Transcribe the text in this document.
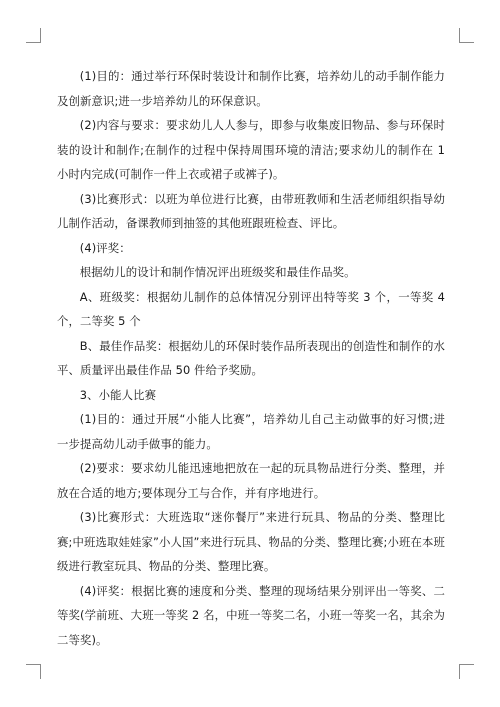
(1)目的：通过举行环保时装设计和制作比赛，培养幼儿的动手制作能力及创新意识;进一步培养幼儿的环保意识。

(2)内容与要求：要求幼儿人人参与，即参与收集废旧物品、参与环保时装的设计和制作;在制作的过程中保持周围环境的清洁;要求幼儿的制作在 1 小时内完成(可制作一件上衣或裙子或裤子)。

(3)比赛形式：以班为单位进行比赛，由带班教师和生活老师组织指导幼儿制作活动，备课教师到抽签的其他班跟班检查、评比。

(4)评奖：

根据幼儿的设计和制作情况评出班级奖和最佳作品奖。

A、班级奖：根据幼儿制作的总体情况分别评出特等奖 3 个，一等奖 4 个，二等奖 5 个

B、最佳作品奖：根据幼儿的环保时装作品所表现出的创造性和制作的水平、质量评出最佳作品 50 件给予奖励。

3、小能人比赛

(1)目的：通过开展“小能人比赛”，培养幼儿自己主动做事的好习惯;进一步提高幼儿动手做事的能力。

(2)要求：要求幼儿能迅速地把放在一起的玩具物品进行分类、整理，并放在合适的地方;要体现分工与合作，并有序地进行。

(3)比赛形式：大班选取“迷你餐厅”来进行玩具、物品的分类、整理比赛;中班选取娃娃家”小人国”来进行玩具、物品的分类、整理比赛;小班在本班级进行教室玩具、物品的分类、整理比赛。

(4)评奖：根据比赛的速度和分类、整理的现场结果分别评出一等奖、二等奖(学前班、大班一等奖 2 名，中班一等奖二名，小班一等奖一名，其余为二等奖)。
